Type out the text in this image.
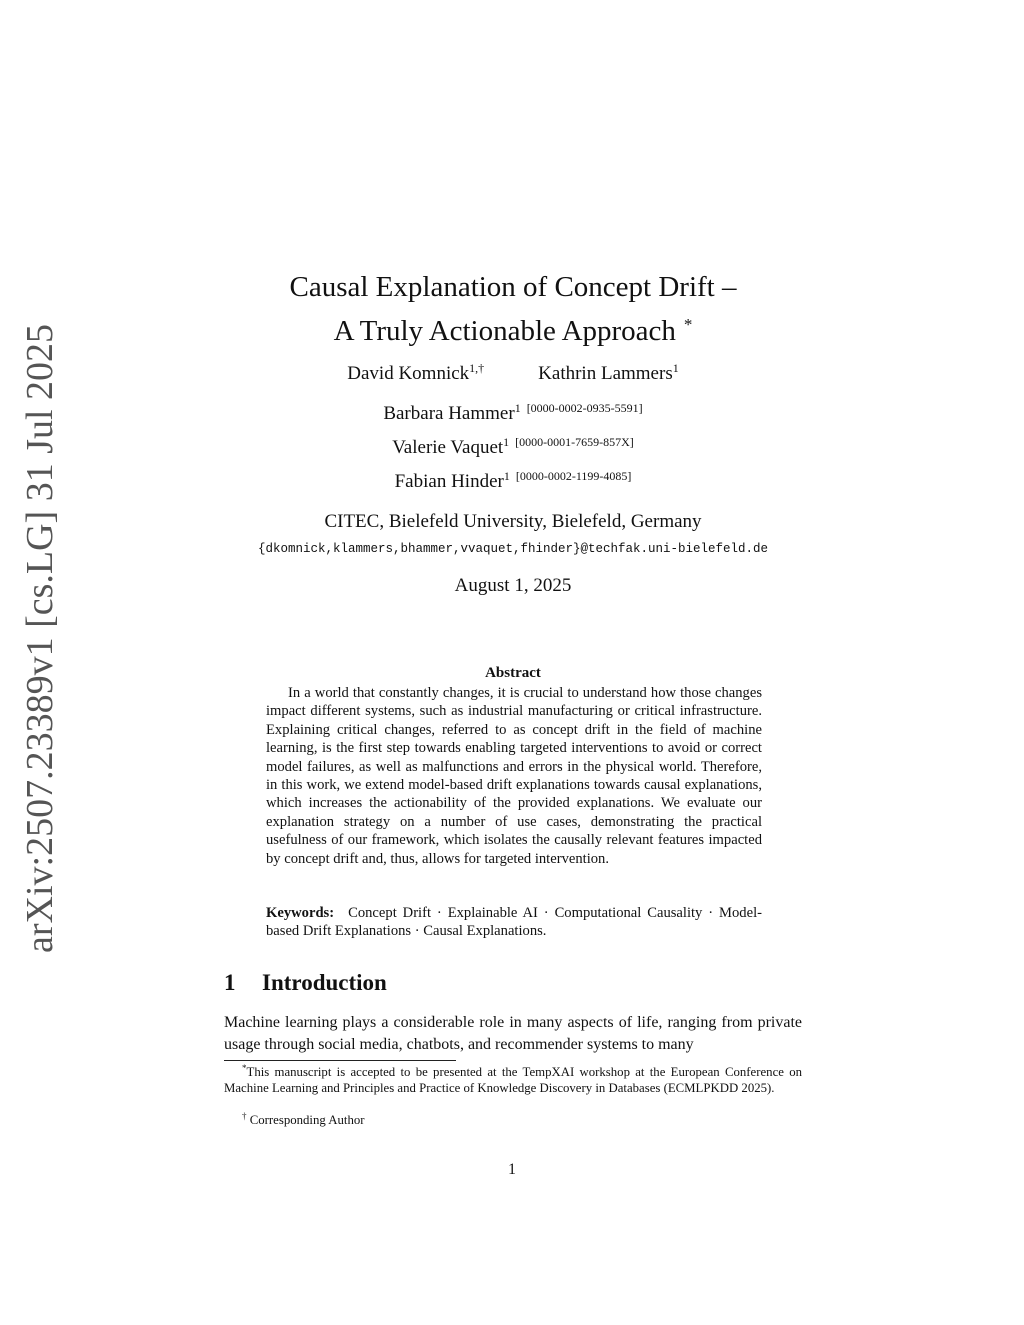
arXiv:2507.23389v1 [cs.LG] 31 Jul 2025
Causal Explanation of Concept Drift –
A Truly Actionable Approach *
David Komnick$^{1,\dagger}$	Kathrin Lammers$^1$
Barbara Hammer$^1$ [0000-0002-0935-5591]
Valerie Vaquet$^1$ [0000-0001-7659-857X]
Fabian Hinder$^1$ [0000-0002-1199-4085]
CITEC, Bielefeld University, Bielefeld, Germany
{dkomnick,klammers,bhammer,vvaquet,fhinder}@techfak.uni-bielefeld.de
August 1, 2025
Abstract

In a world that constantly changes, it is crucial to understand how those changes impact different systems, such as industrial manufacturing or critical infrastructure. Explaining critical changes, referred to as concept drift in the field of machine learning, is the first step towards enabling targeted interventions to avoid or correct model failures, as well as malfunctions and errors in the physical world. Therefore, in this work, we extend model-based drift explanations towards causal explanations, which increases the actionability of the provided explanations. We evaluate our explanation strategy on a number of use cases, demonstrating the practical usefulness of our framework, which isolates the causally relevant features impacted by concept drift and, thus, allows for targeted intervention.

Keywords: Concept Drift · Explainable AI · Computational Causality · Model-based Drift Explanations · Causal Explanations.

1 Introduction

Machine learning plays a considerable role in many aspects of life, ranging from private usage through social media, chatbots, and recommender systems to many

*This manuscript is accepted to be presented at the TempXAI workshop at the European Conference on Machine Learning and Principles and Practice of Knowledge Discovery in Databases (ECMLPKDD 2025).

† Corresponding Author

1
